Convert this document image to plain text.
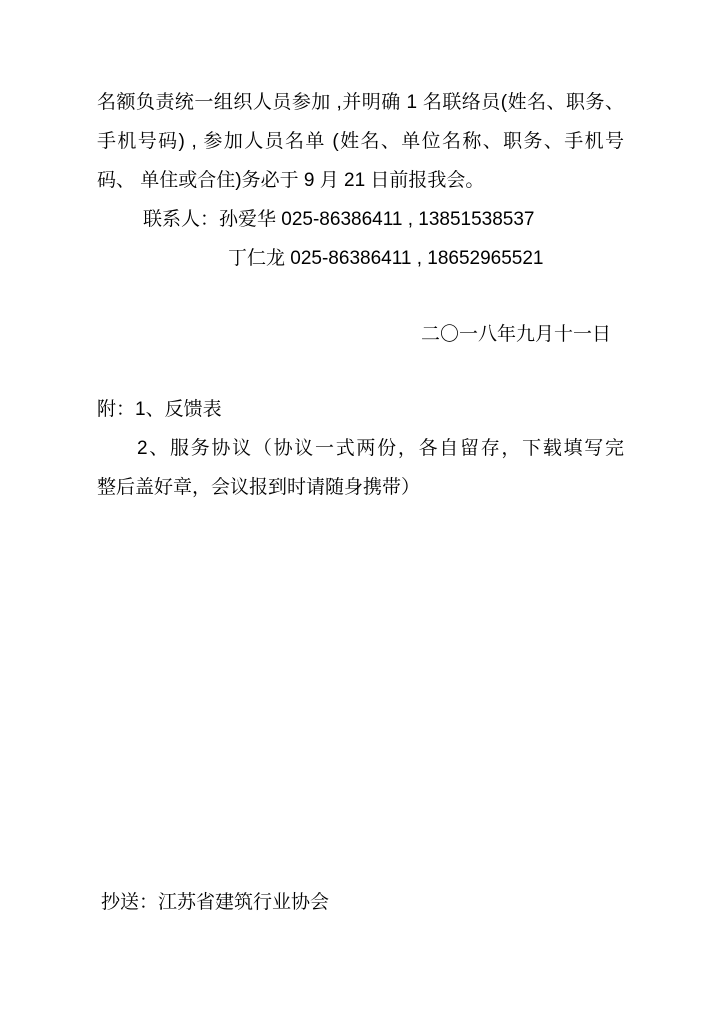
名额负责统一组织人员参加 ,并明确 1 名联络员(姓名、职务、
手机号码) , 参加人员名单 (姓名、单位名称、职务、手机号
码、 单住或合住)务必于 9 月 21 日前报我会。
联系人：孙爱华 025-86386411 , 13851538537
丁仁龙 025-86386411 , 18652965521
二〇一八年九月十一日
附：1、反馈表
2、服务协议（协议一式两份，各自留存，下载填写完
整后盖好章，会议报到时请随身携带）
抄送：江苏省建筑行业协会
